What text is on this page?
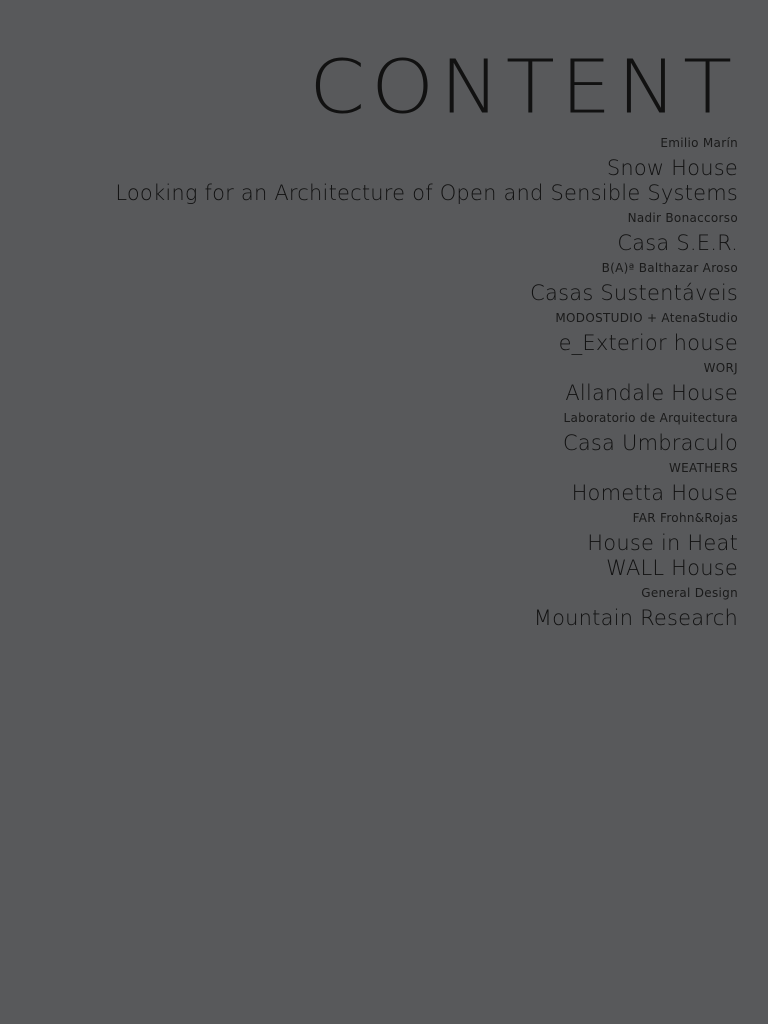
CONTENT
Emilio Marín
Snow House
Looking for an Architecture of Open and Sensible Systems
Nadir Bonaccorso
Casa S.E.R.
B(A)ª Balthazar Aroso
Casas Sustentáveis
MODOSTUDIO + AtenaStudio
e_Exterior house
WORJ
Allandale House
Laboratorio de Arquitectura
Casa Umbraculo
WEATHERS
Hometta House
FAR Frohn&Rojas
House in Heat
WALL House
General Design
Mountain Research
